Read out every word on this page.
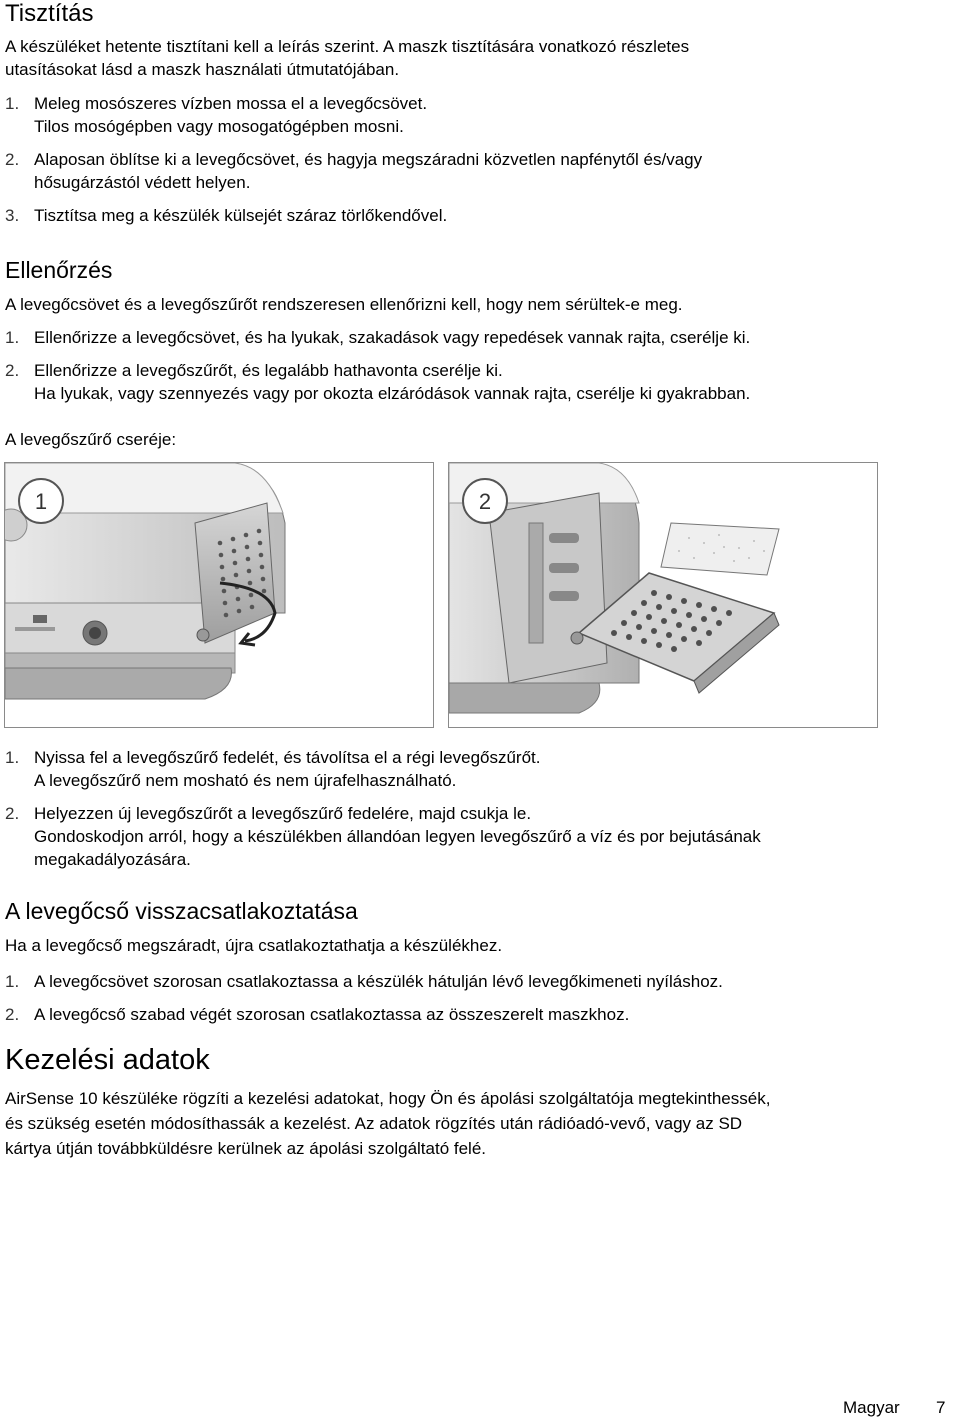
Tisztítás

A készüléket hetente tisztítani kell a leírás szerint. A maszk tisztítására vonatkozó részletes

utasításokat lásd a maszk használati útmutatójában.

1. Meleg mosószeres vízben mossa el a levegőcsövet.
Tilos mosógépben vagy mosogatógépben mosni.
2. Alaposan öblítse ki a levegőcsövet, és hagyja megszáradni közvetlen napfénytől és/vagy
hősugárzástól védett helyen.
3. Tisztítsa meg a készülék külsejét száraz törlőkendővel.
Ellenőrzés

A levegőcsövet és a levegőszűrőt rendszeresen ellenőrizni kell, hogy nem sérültek-e meg.

1. Ellenőrizze a levegőcsövet, és ha lyukak, szakadások vagy repedések vannak rajta, cserélje ki.
2. Ellenőrizze a levegőszűrőt, és legalább hathavonta cserélje ki.
Ha lyukak, vagy szennyezés vagy por okozta elzáródások vannak rajta, cserélje ki gyakrabban.

A levegőszűrő cseréje:

1	2
1. Nyissa fel a levegőszűrő fedelét, és távolítsa el a régi levegőszűrőt.
A levegőszűrő nem mosható és nem újrafelhasználható.
2. Helyezzen új levegőszűrőt a levegőszűrő fedelére, majd csukja le.
Gondoskodjon arról, hogy a készülékben állandóan legyen levegőszűrő a víz és por bejutásának
megakadályozására.
A levegőcső visszacsatlakoztatása

Ha a levegőcső megszáradt, újra csatlakoztathatja a készülékhez.

1. A levegőcsövet szorosan csatlakoztassa a készülék hátulján lévő levegőkimeneti nyíláshoz.
2. A levegőcső szabad végét szorosan csatlakoztassa az összeszerelt maszkhoz.
Kezelési adatok

AirSense 10 készüléke rögzíti a kezelési adatokat, hogy Ön és ápolási szolgáltatója megtekinthessék,

és szükség esetén módosíthassák a kezelést. Az adatok rögzítés után rádióadó-vevő, vagy az SD

kártya útján továbbküldésre kerülnek az ápolási szolgáltató felé.

Magyar 7
